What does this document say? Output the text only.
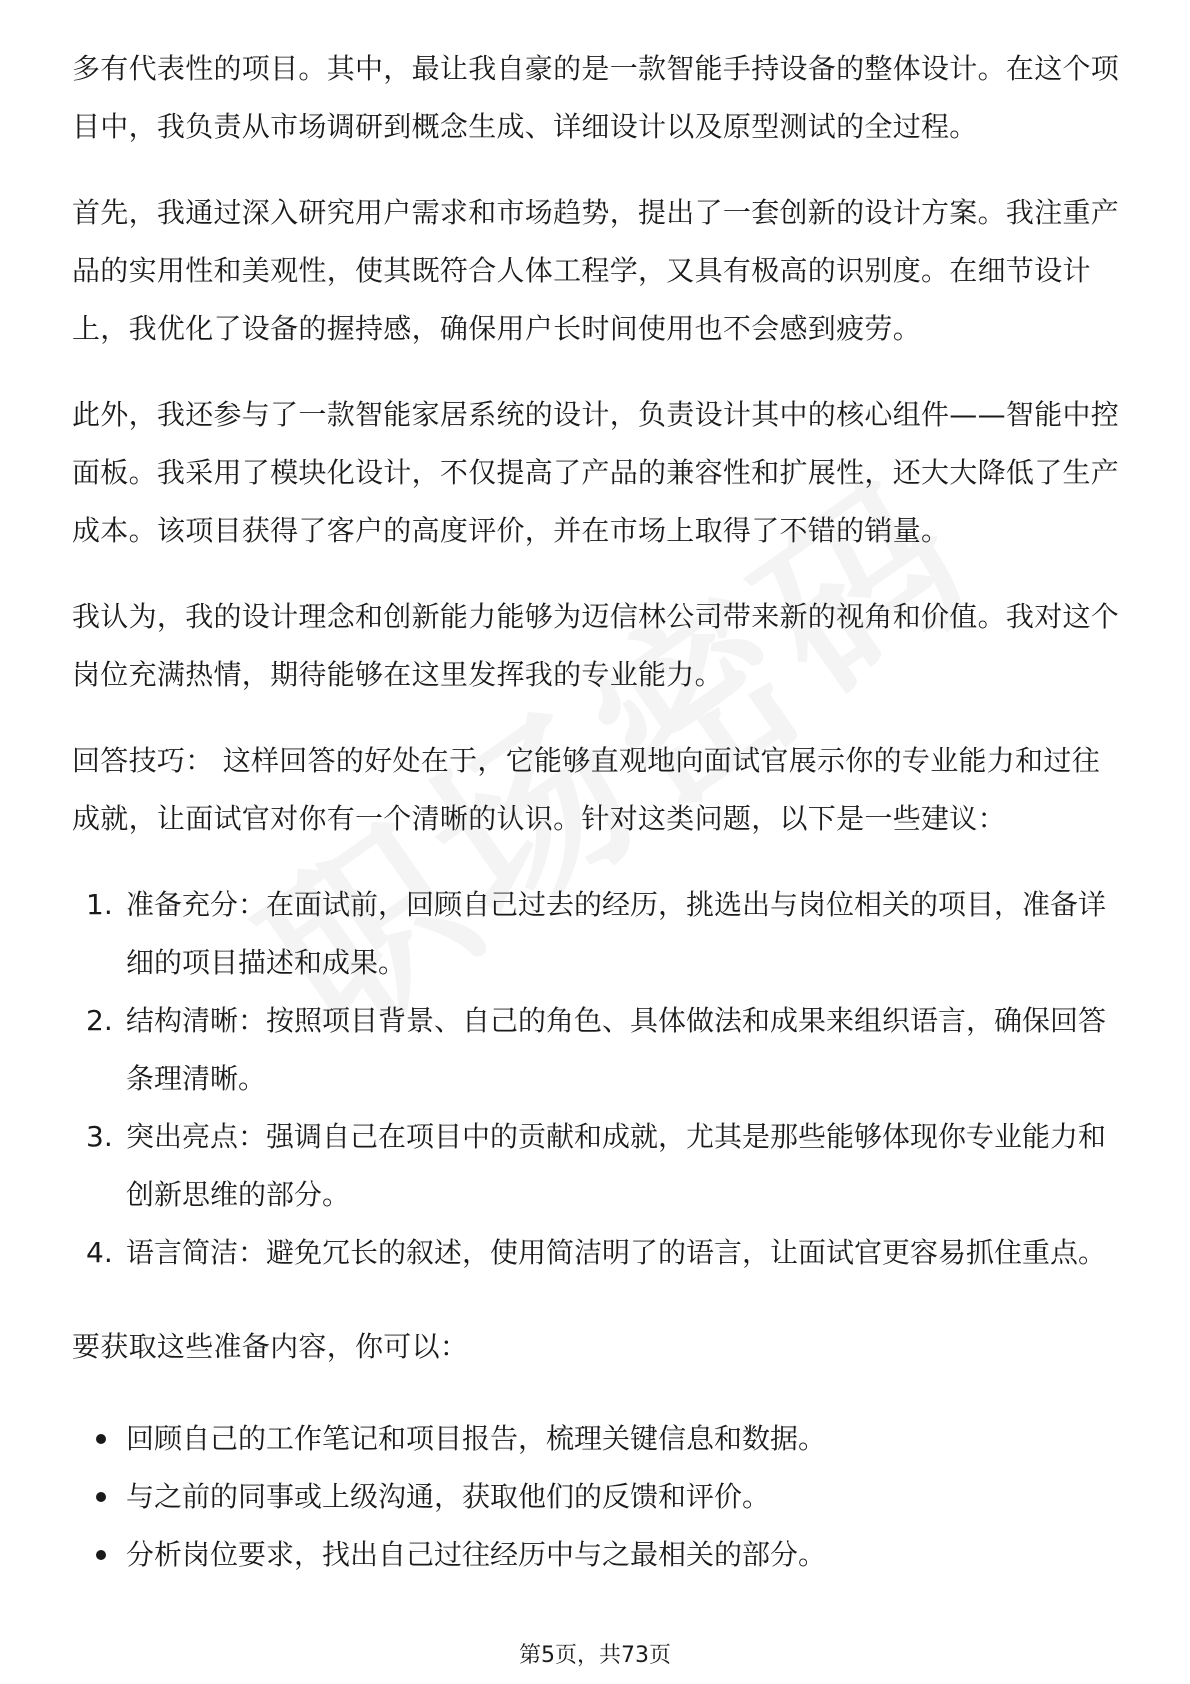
多有代表性的项目。其中，最让我自豪的是一款智能手持设备的整体设计。在这个项目中，我负责从市场调研到概念生成、详细设计以及原型测试的全过程。

首先，我通过深入研究用户需求和市场趋势，提出了一套创新的设计方案。我注重产品的实用性和美观性，使其既符合人体工程学，又具有极高的识别度。在细节设计上，我优化了设备的握持感，确保用户长时间使用也不会感到疲劳。

此外，我还参与了一款智能家居系统的设计，负责设计其中的核心组件——智能中控面板。我采用了模块化设计，不仅提高了产品的兼容性和扩展性，还大大降低了生产成本。该项目获得了客户的高度评价，并在市场上取得了不错的销量。

我认为，我的设计理念和创新能力能够为迈信林公司带来新的视角和价值。我对这个岗位充满热情，期待能够在这里发挥我的专业能力。

回答技巧： 这样回答的好处在于，它能够直观地向面试官展示你的专业能力和过往成就，让面试官对你有一个清晰的认识。针对这类问题，以下是一些建议：

1. 准备充分：在面试前，回顾自己过去的经历，挑选出与岗位相关的项目，准备详细的项目描述和成果。
2. 结构清晰：按照项目背景、自己的角色、具体做法和成果来组织语言，确保回答条理清晰。
3. 突出亮点：强调自己在项目中的贡献和成就，尤其是那些能够体现你专业能力和创新思维的部分。
4. 语言简洁：避免冗长的叙述，使用简洁明了的语言，让面试官更容易抓住重点。

要获取这些准备内容，你可以：

回顾自己的工作笔记和项目报告，梳理关键信息和数据。
与之前的同事或上级沟通，获取他们的反馈和评价。
分析岗位要求，找出自己过往经历中与之最相关的部分。
第5页，共73页
